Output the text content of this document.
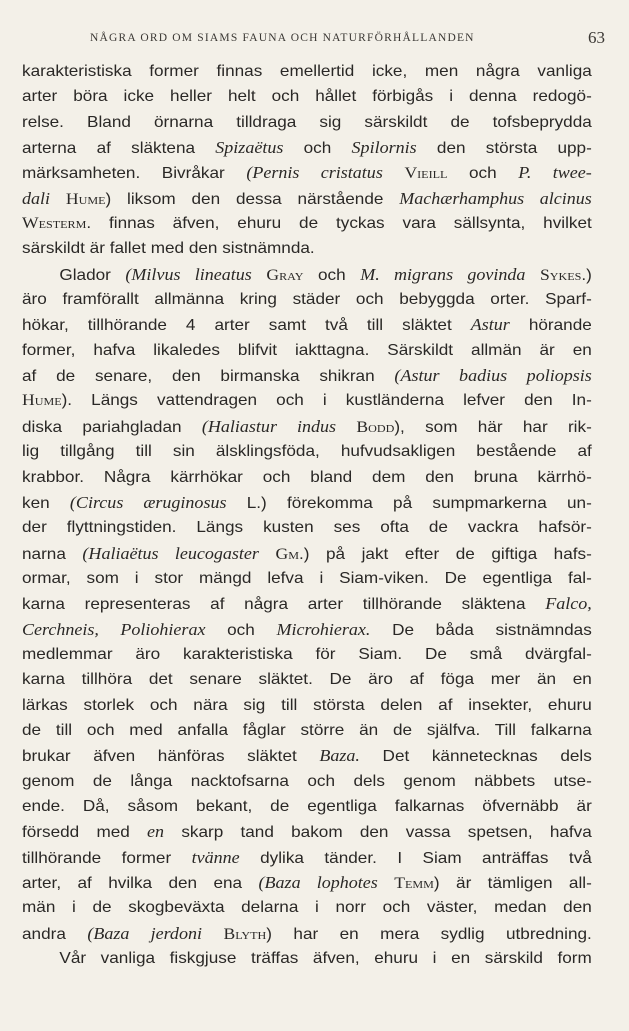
NÅGRA ORD OM SIAMS FAUNA OCH NATURFÖRHÅLLANDEN	63
karakteristiska former finnas emellertid icke, men några vanliga
arter böra icke heller helt och hållet förbigås i denna redogö-
relse. Bland örnarna tilldraga sig särskildt de tofsbeprydda
arterna af släktena Spizaëtus och Spilornis den största upp-
märksamheten. Bivråkar (Pernis cristatus Vieill och P. twee-
dali Hume) liksom den dessa närstående Machærhamphus alcinus
Westerm. finnas äfven, ehuru de tyckas vara sällsynta, hvilket
särskildt är fallet med den sistnämnda.
Glador (Milvus lineatus Gray och M. migrans govinda Sykes.)
äro framförallt allmänna kring städer och bebyggda orter. Sparf-
hökar, tillhörande 4 arter samt två till släktet Astur hörande
former, hafva likaledes blifvit iakttagna. Särskildt allmän är en
af de senare, den birmanska shikran (Astur badius poliopsis
Hume). Längs vattendragen och i kustländerna lefver den In-
diska pariahgladan (Haliastur indus Bodd), som här har rik-
lig tillgång till sin älsklingsföda, hufvudsakligen bestående af
krabbor. Några kärrhökar och bland dem den bruna kärrhö-
ken (Circus æruginosus L.) förekomma på sumpmarkerna un-
der flyttningstiden. Längs kusten ses ofta de vackra hafsör-
narna (Haliaëtus leucogaster Gm.) på jakt efter de giftiga hafs-
ormar, som i stor mängd lefva i Siam-viken. De egentliga fal-
karna representeras af några arter tillhörande släktena Falco,
Cerchneis, Poliohierax och Microhierax. De båda sistnämndas
medlemmar äro karakteristiska för Siam. De små dvärgfal-
karna tillhöra det senare släktet. De äro af föga mer än en
lärkas storlek och nära sig till största delen af insekter, ehuru
de till och med anfalla fåglar större än de själfva. Till falkarna
brukar äfven hänföras släktet Baza. Det kännetecknas dels
genom de långa nacktofsarna och dels genom näbbets utse-
ende. Då, såsom bekant, de egentliga falkarnas öfvernäbb är
försedd med en skarp tand bakom den vassa spetsen, hafva
tillhörande former tvänne dylika tänder. I Siam anträffas två
arter, af hvilka den ena (Baza lophotes Temm) är tämligen all-
män i de skogbeväxta delarna i norr och väster, medan den
andra (Baza jerdoni Blyth) har en mera sydlig utbredning.
Vår vanliga fiskgjuse träffas äfven, ehuru i en särskild form
